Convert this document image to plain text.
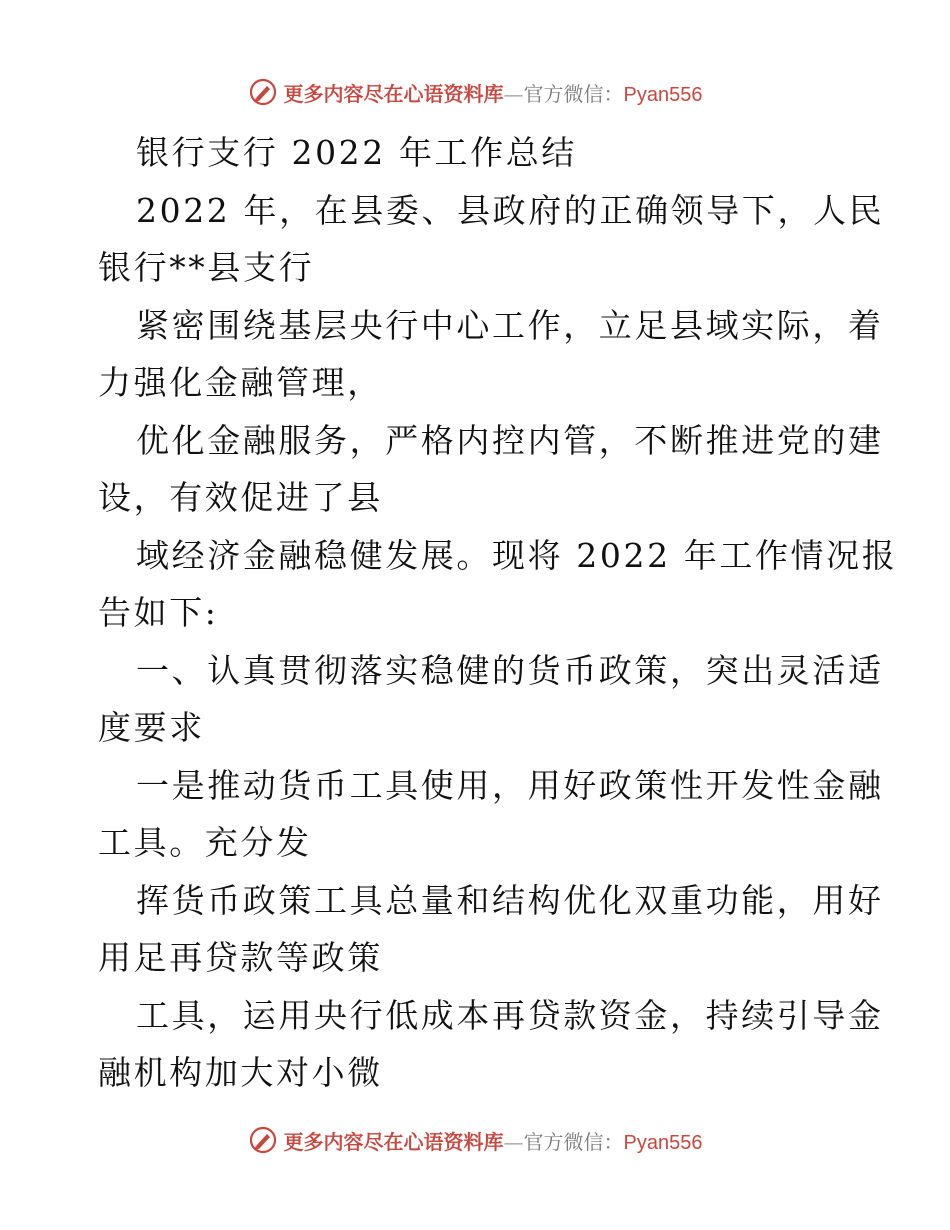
更多内容尽在心语资料库—官方微信：Pyan556
银行支行 2022 年工作总结
2022 年，在县委、县政府的正确领导下，人民
银行**县支行
紧密围绕基层央行中心工作，立足县域实际，着
力强化金融管理，
优化金融服务，严格内控内管，不断推进党的建
设，有效促进了县
域经济金融稳健发展。现将 2022 年工作情况报
告如下:
一、认真贯彻落实稳健的货币政策，突出灵活适
度要求
一是推动货币工具使用，用好政策性开发性金融
工具。充分发
挥货币政策工具总量和结构优化双重功能，用好
用足再贷款等政策
工具，运用央行低成本再贷款资金，持续引导金
融机构加大对小微
更多内容尽在心语资料库—官方微信：Pyan556
